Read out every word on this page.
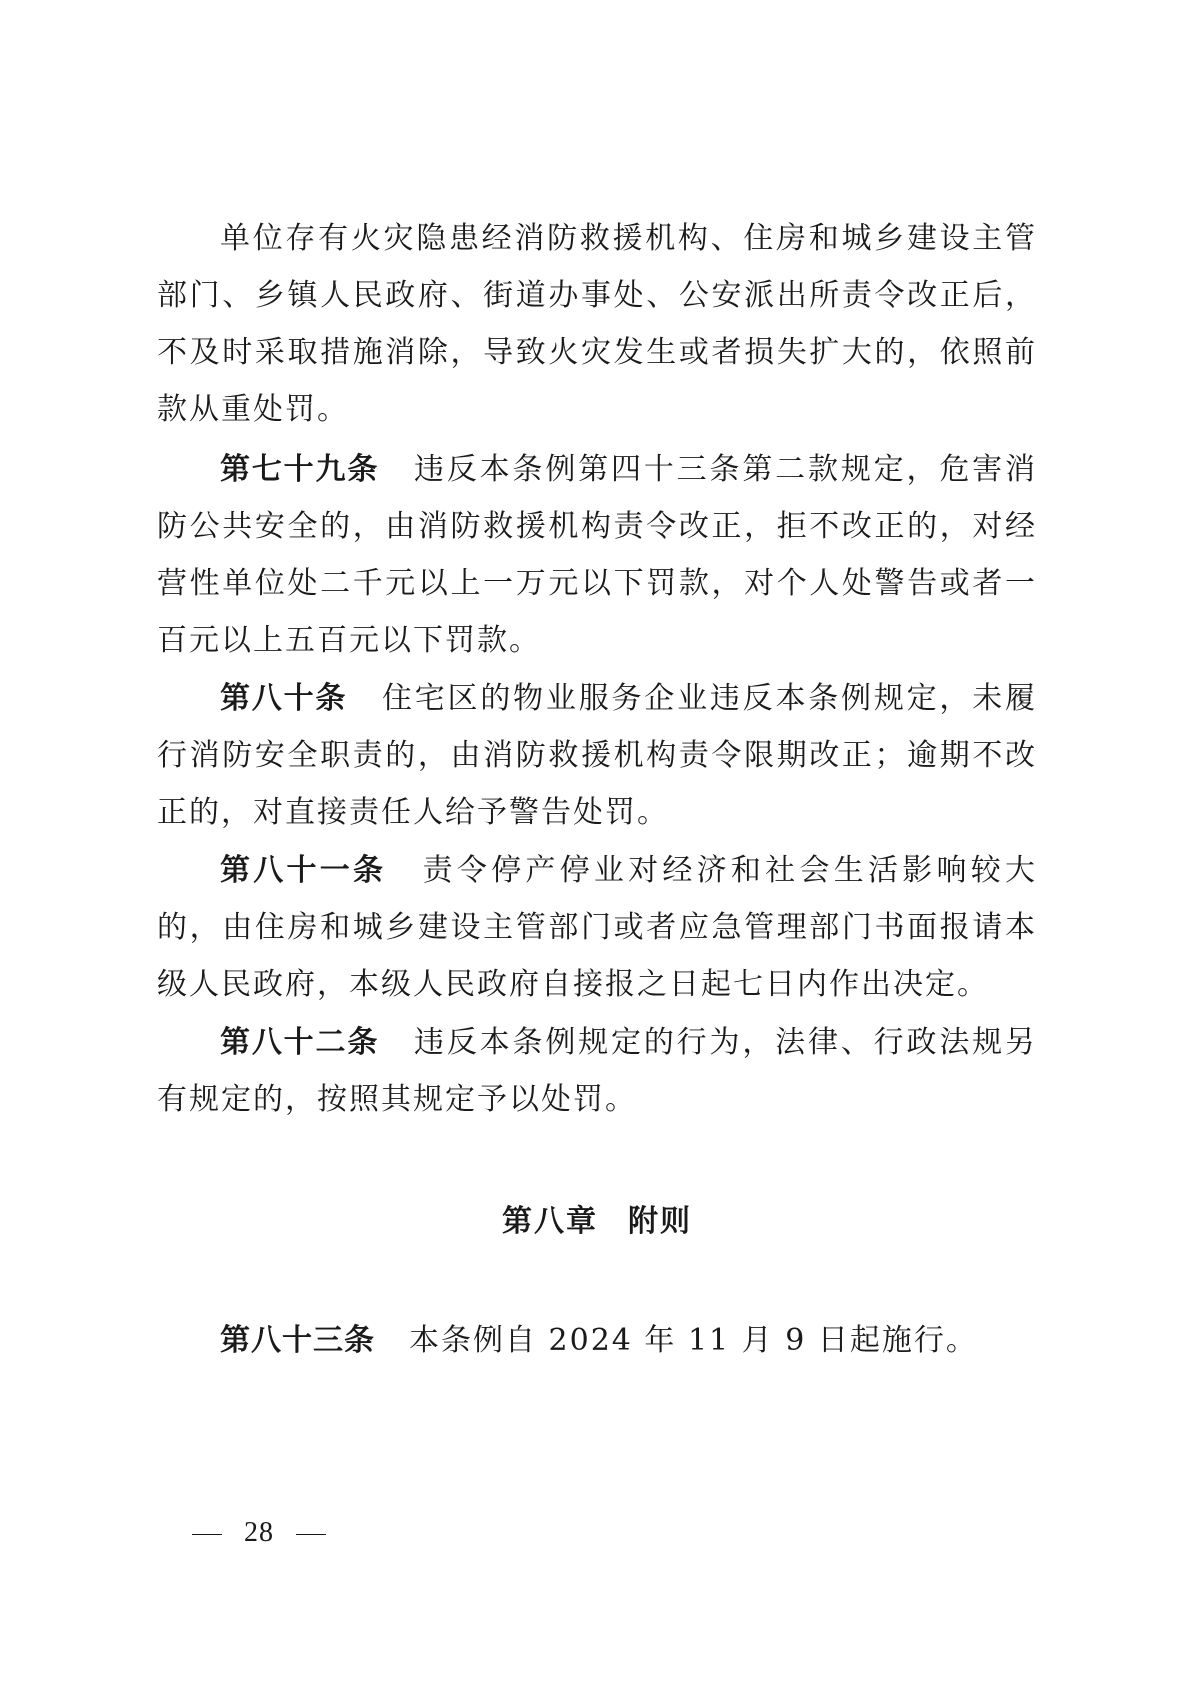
单位存有火灾隐患经消防救援机构、住房和城乡建设主管部门、乡镇人民政府、街道办事处、公安派出所责令改正后，不及时采取措施消除，导致火灾发生或者损失扩大的，依照前款从重处罚。

第七十九条 违反本条例第四十三条第二款规定，危害消防公共安全的，由消防救援机构责令改正，拒不改正的，对经营性单位处二千元以上一万元以下罚款，对个人处警告或者一百元以上五百元以下罚款。

第八十条 住宅区的物业服务企业违反本条例规定，未履行消防安全职责的，由消防救援机构责令限期改正；逾期不改正的，对直接责任人给予警告处罚。

第八十一条 责令停产停业对经济和社会生活影响较大的，由住房和城乡建设主管部门或者应急管理部门书面报请本级人民政府，本级人民政府自接报之日起七日内作出决定。

第八十二条 违反本条例规定的行为，法律、行政法规另有规定的，按照其规定予以处罚。

第八章 附则

第八十三条 本条例自 2024 年 11 月 9 日起施行。

28
